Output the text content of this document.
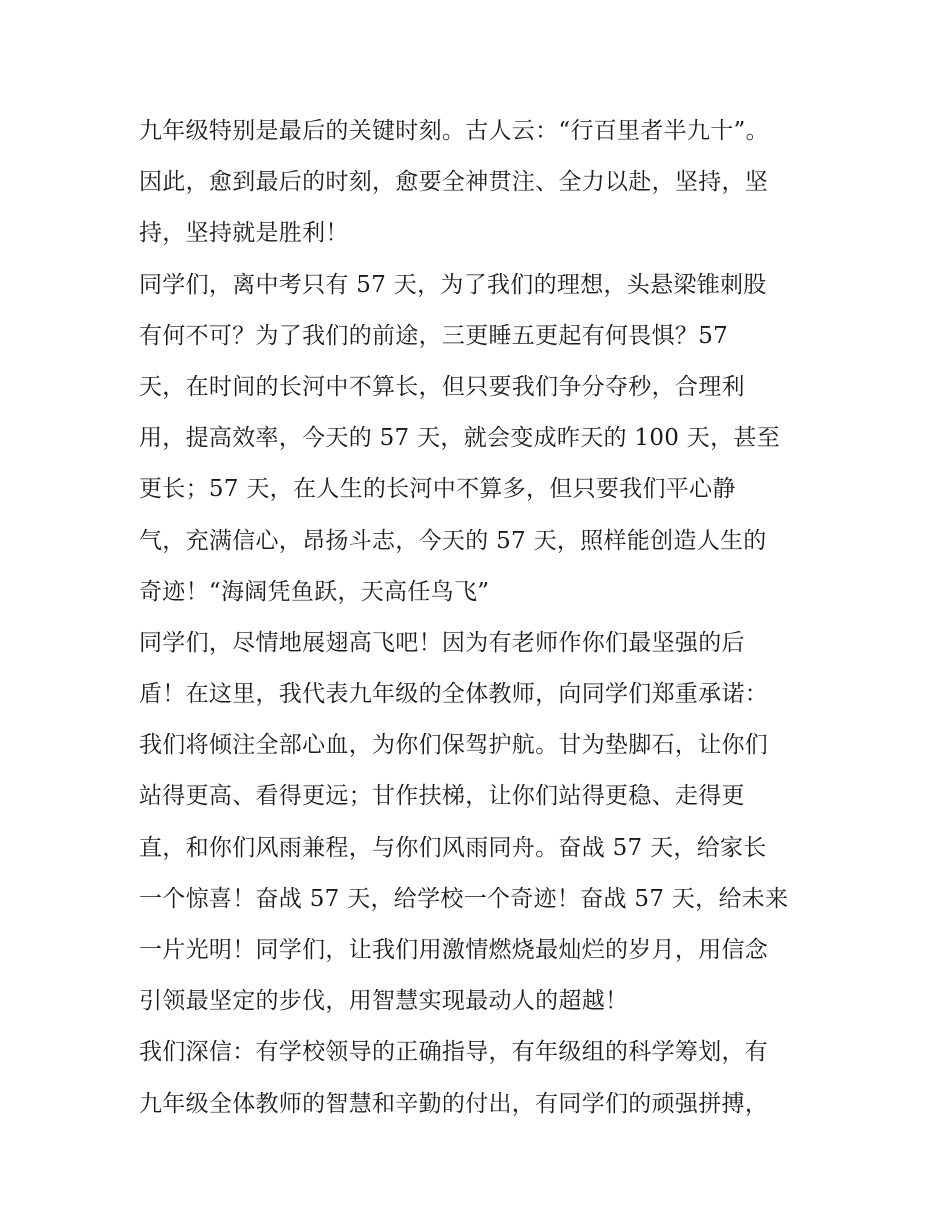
九年级特别是最后的关键时刻。古人云：“行百里者半九十”。
因此，愈到最后的时刻，愈要全神贯注、全力以赴，坚持，坚
持，坚持就是胜利！
同学们，离中考只有 57 天，为了我们的理想，头悬梁锥刺股
有何不可？为了我们的前途，三更睡五更起有何畏惧？57
天，在时间的长河中不算长，但只要我们争分夺秒，合理利
用，提高效率，今天的 57 天，就会变成昨天的 100 天，甚至
更长；57 天，在人生的长河中不算多，但只要我们平心静
气，充满信心，昂扬斗志，今天的 57 天，照样能创造人生的
奇迹！“海阔凭鱼跃，天高任鸟飞”
同学们，尽情地展翅高飞吧！因为有老师作你们最坚强的后
盾！在这里，我代表九年级的全体教师，向同学们郑重承诺：
我们将倾注全部心血，为你们保驾护航。甘为垫脚石，让你们
站得更高、看得更远；甘作扶梯，让你们站得更稳、走得更
直，和你们风雨兼程，与你们风雨同舟。奋战 57 天，给家长
一个惊喜！奋战 57 天，给学校一个奇迹！奋战 57 天，给未来
一片光明！同学们，让我们用激情燃烧最灿烂的岁月，用信念
引领最坚定的步伐，用智慧实现最动人的超越！
我们深信：有学校领导的正确指导，有年级组的科学筹划，有
九年级全体教师的智慧和辛勤的付出，有同学们的顽强拼搏，
